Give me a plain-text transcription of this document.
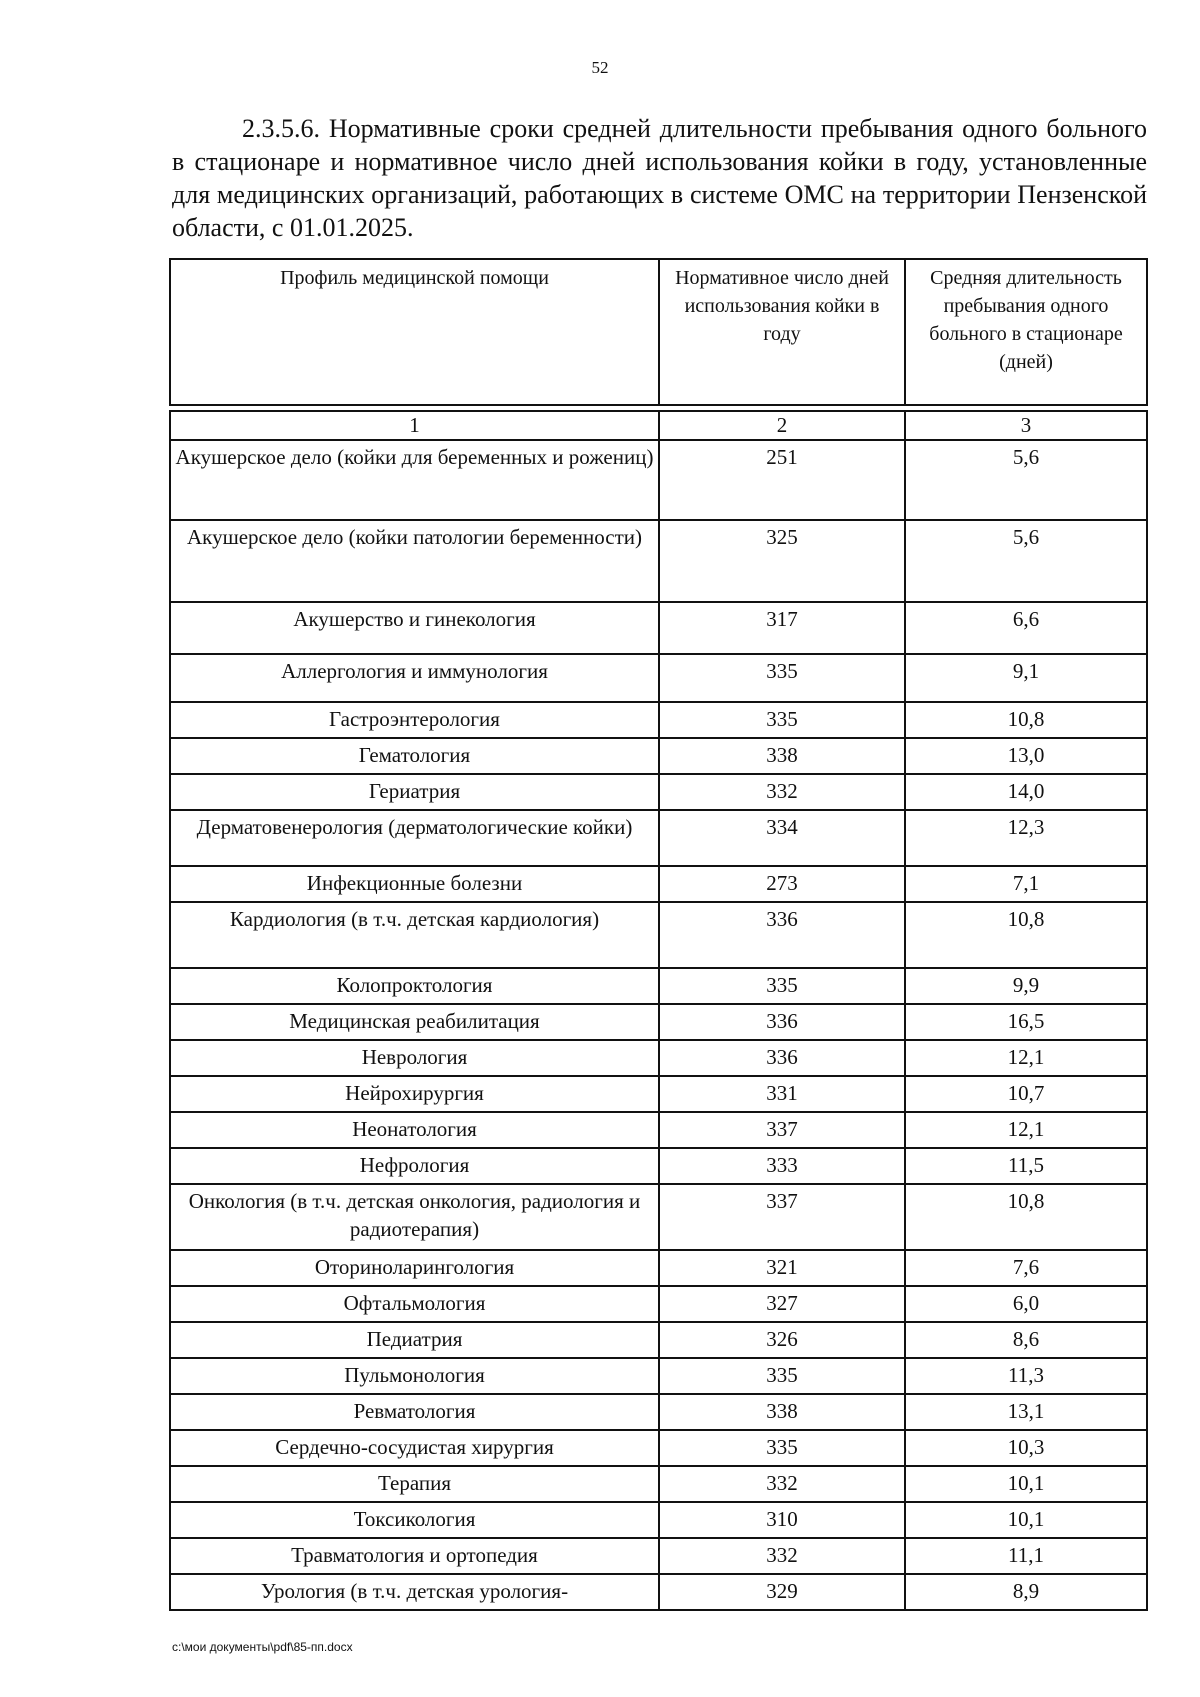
52
2.3.5.6. Нормативные сроки средней длительности пребывания одного больного в стационаре и нормативное число дней использования койки в году, установленные для медицинских организаций, работающих в системе ОМС на территории Пензенской области, с 01.01.2025.
Профиль медицинской помощи	Нормативное число дней использования койки в году	Средняя длительность пребывания одного больного в стационаре (дней)
1	2	3
Акушерское дело (койки для беременных и рожениц)	251	5,6
Акушерское дело (койки патологии беременности)	325	5,6
Акушерство и гинекология	317	6,6
Аллергология и иммунология	335	9,1
Гастроэнтерология	335	10,8
Гематология	338	13,0
Гериатрия	332	14,0
Дерматовенерология (дерматологические койки)	334	12,3
Инфекционные болезни	273	7,1
Кардиология (в т.ч. детская кардиология)	336	10,8
Колопроктология	335	9,9
Медицинская реабилитация	336	16,5
Неврология	336	12,1
Нейрохирургия	331	10,7
Неонатология	337	12,1
Нефрология	333	11,5
Онкология (в т.ч. детская онкология, радиология и радиотерапия)	337	10,8
Оториноларингология	321	7,6
Офтальмология	327	6,0
Педиатрия	326	8,6
Пульмонология	335	11,3
Ревматология	338	13,1
Сердечно-сосудистая хирургия	335	10,3
Терапия	332	10,1
Токсикология	310	10,1
Травматология и ортопедия	332	11,1
Урология (в т.ч. детская урология-	329	8,9
c:\мои документы\pdf\85-пп.docx
